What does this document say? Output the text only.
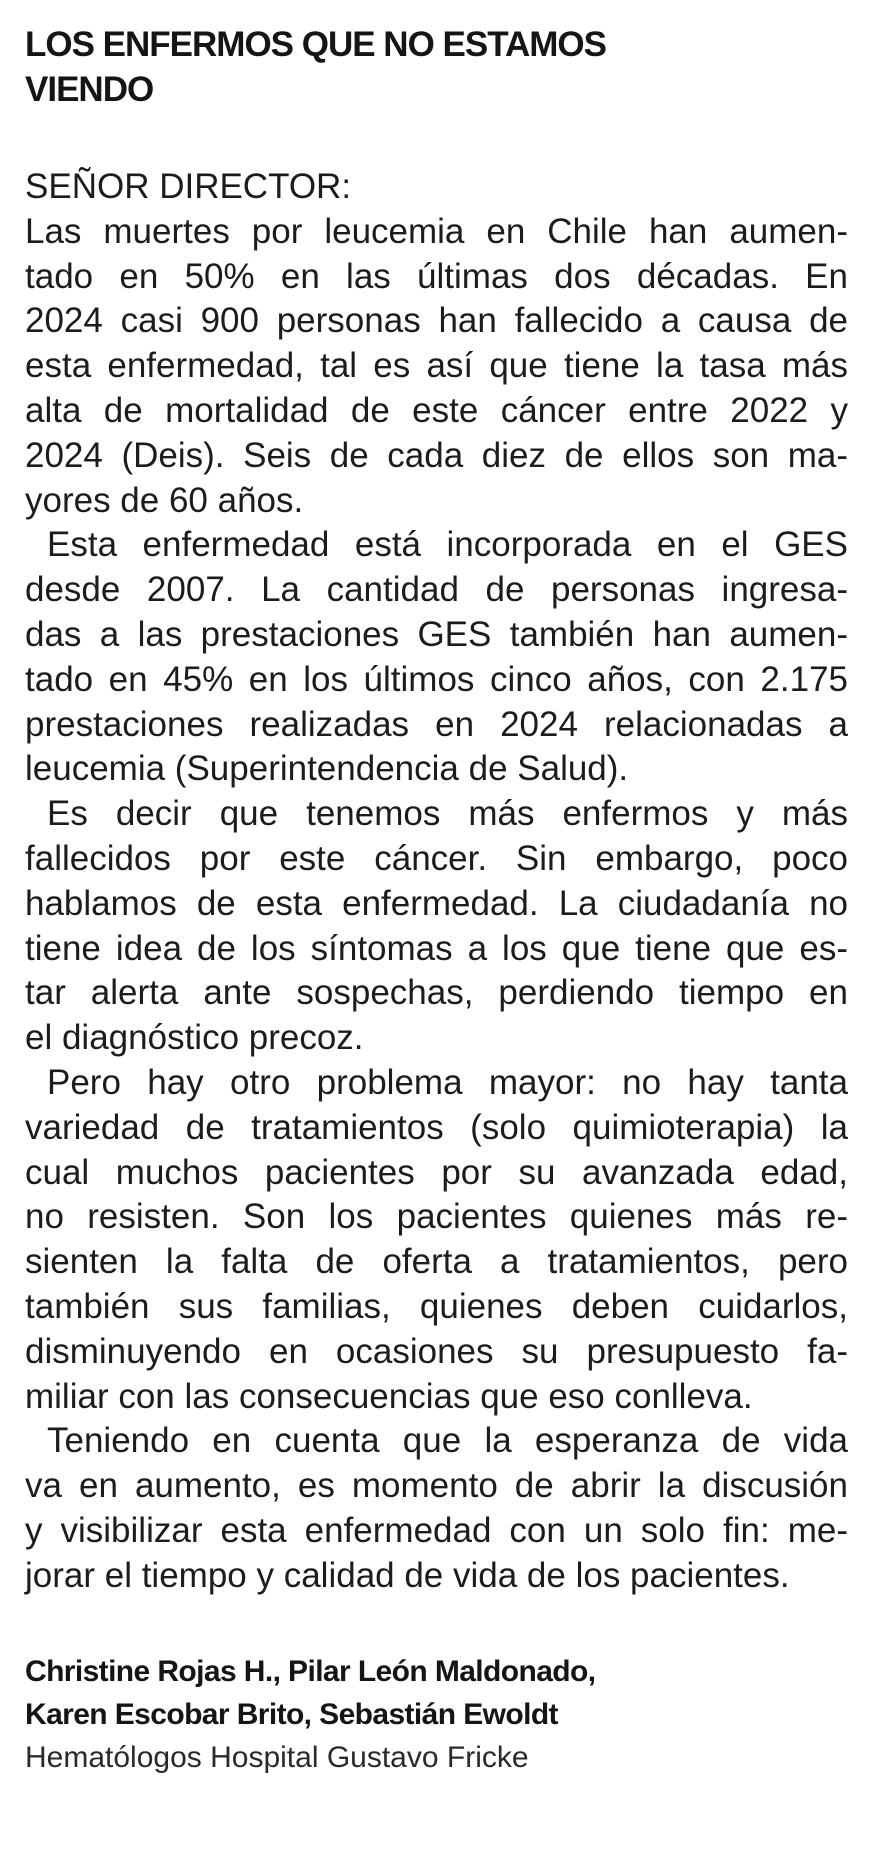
LOS ENFERMOS QUE NO ESTAMOS
VIENDO
SEÑOR DIRECTOR:
Las muertes por leucemia en Chile han aumen-
tado en 50% en las últimas dos décadas. En
2024 casi 900 personas han fallecido a causa de
esta enfermedad, tal es así que tiene la tasa más
alta de mortalidad de este cáncer entre 2022 y
2024 (Deis). Seis de cada diez de ellos son ma-
yores de 60 años.
Esta enfermedad está incorporada en el GES
desde 2007. La cantidad de personas ingresa-
das a las prestaciones GES también han aumen-
tado en 45% en los últimos cinco años, con 2.175
prestaciones realizadas en 2024 relacionadas a
leucemia (Superintendencia de Salud).
Es decir que tenemos más enfermos y más
fallecidos por este cáncer. Sin embargo, poco
hablamos de esta enfermedad. La ciudadanía no
tiene idea de los síntomas a los que tiene que es-
tar alerta ante sospechas, perdiendo tiempo en
el diagnóstico precoz.
Pero hay otro problema mayor: no hay tanta
variedad de tratamientos (solo quimioterapia) la
cual muchos pacientes por su avanzada edad,
no resisten. Son los pacientes quienes más re-
sienten la falta de oferta a tratamientos, pero
también sus familias, quienes deben cuidarlos,
disminuyendo en ocasiones su presupuesto fa-
miliar con las consecuencias que eso conlleva.
Teniendo en cuenta que la esperanza de vida
va en aumento, es momento de abrir la discusión
y visibilizar esta enfermedad con un solo fin: me-
jorar el tiempo y calidad de vida de los pacientes.
Christine Rojas H., Pilar León Maldonado,
Karen Escobar Brito, Sebastián Ewoldt
Hematólogos Hospital Gustavo Fricke
